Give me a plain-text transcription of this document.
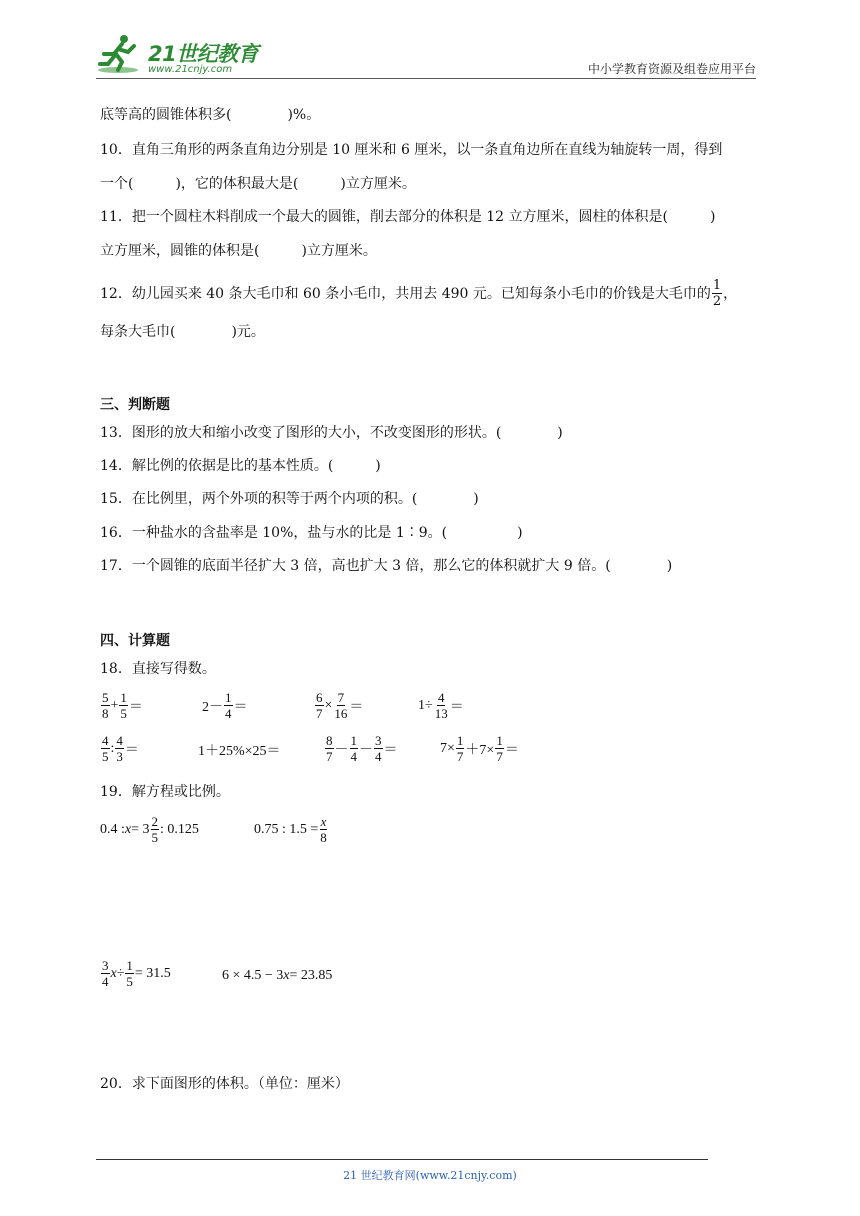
21世纪教育
www.21cnjy.com	中小学教育资源及组卷应用平台
底等高的圆锥体积多(　　　　)%。
10．直角三角形的两条直角边分别是 10 厘米和 6 厘米，以一条直角边所在直线为轴旋转一周，得到
一个(　　　)，它的体积最大是(　　　)立方厘米。
11．把一个圆柱木料削成一个最大的圆锥，削去部分的体积是 12 立方厘米，圆柱的体积是(　　　)
立方厘米，圆锥的体积是(　　　)立方厘米。
12．幼儿园买来 40 条大毛巾和 60 条小毛巾，共用去 490 元。已知每条小毛巾的价钱是大毛巾的 $\frac{1}{2}$ ，
每条大毛巾(　　　　)元。
三、判断题
13．图形的放大和缩小改变了图形的大小，不改变图形的形状。(　　　　)
14．解比例的依据是比的基本性质。(　　　)
15．在比例里，两个外项的积等于两个内项的积。(　　　　)
16．一种盐水的含盐率是 10%，盐与水的比是 1∶9。(　　　　　)
17．一个圆锥的底面半径扩大 3 倍，高也扩大 3 倍，那么它的体积就扩大 9 倍。(　　　　)
四、计算题
18．直接写得数。
$\frac{5}{8} + \frac{1}{5}$ ＝	$2- \frac{1}{4}$ ＝	$\frac{6}{7} \times \frac{7}{16}$ ＝	$1\div \frac{4}{13}$ ＝
$\frac{4}{5}$ : $\frac{4}{3}$ ＝	1＋25%×25＝	$\frac{8}{7} - \frac{1}{4} - \frac{3}{4}$ ＝	$7\times \frac{1}{7} +7\times \frac{1}{7}$ ＝
19．解方程或比例。
0.4 : $x = 3 \frac{2}{5}$ : 0.125	0.75 : $1.5 = \frac{x}{8}$
$\frac{3}{4}$ $x \div \frac{1}{5} = 31.5$	6 × 4.5 − 3 x = 23.85
20．求下面图形的体积。（单位：厘米）
21 世纪教育网(www.21cnjy.com)
